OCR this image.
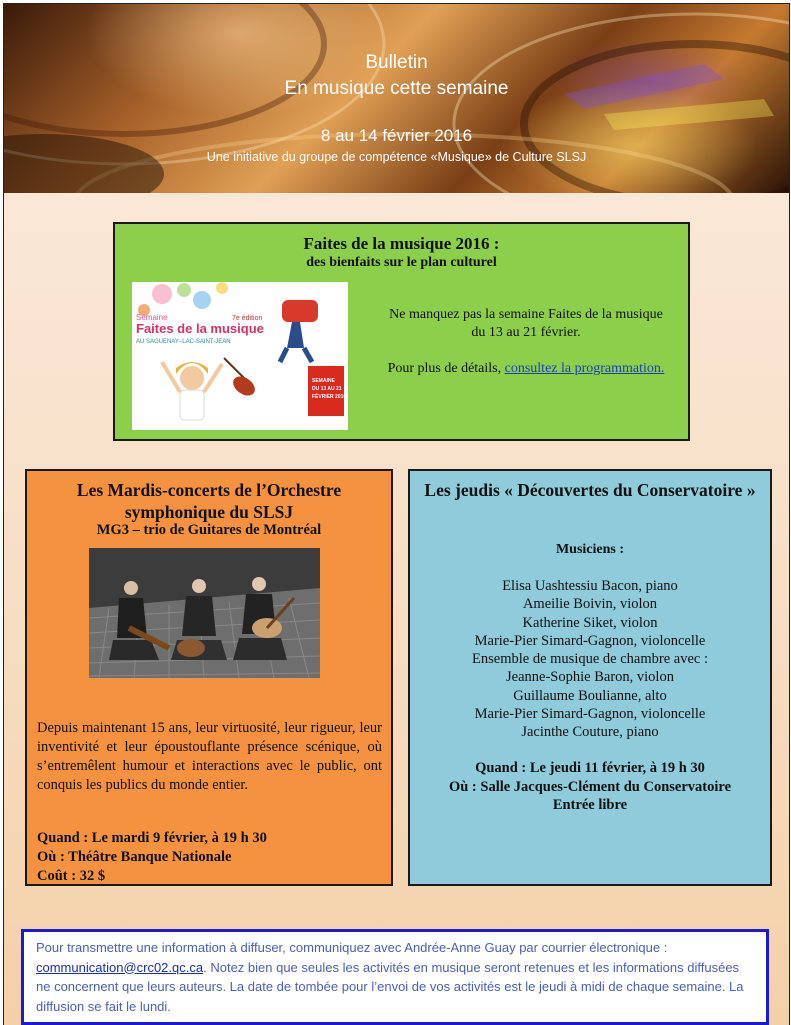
Bulletin
En musique cette semaine
8 au 14 février 2016
Une initiative du groupe de compétence «Musique» de Culture SLSJ
Faites de la musique 2016 :
des bienfaits sur le plan culturel
Semaine	7e édition
Faites de la musique
AU SAGUENAY–LAC-SAINT-JEAN
SEMAINE
DU 13 AU 21
FÉVRIER 2016
Ne manquez pas la semaine Faites de la musique du 13 au 21 février.
Pour plus de détails, consultez la programmation.
Les Mardis-concerts de l’Orchestre symphonique du SLSJ
MG3 – trio de Guitares de Montréal
Depuis maintenant 15 ans, leur virtuosité, leur rigueur, leur inventivité et leur époustouflante présence scénique, où s’entremêlent humour et interactions avec le public, ont conquis les publics du monde entier.
Quand : Le mardi 9 février, à 19 h 30
Où : Théâtre Banque Nationale
Coût : 32 $
Les jeudis « Découvertes du Conservatoire »
Musiciens :
Elisa Uashtessiu Bacon, piano
Ameilie Boivin, violon
Katherine Siket, violon
Marie-Pier Simard-Gagnon, violoncelle
Ensemble de musique de chambre avec :
Jeanne-Sophie Baron, violon
Guillaume Boulianne, alto
Marie-Pier Simard-Gagnon, violoncelle
Jacinthe Couture, piano
Quand : Le jeudi 11 février, à 19 h 30
Où : Salle Jacques-Clément du Conservatoire
Entrée libre
Pour transmettre une information à diffuser, communiquez avec Andrée-Anne Guay par courrier électronique : communication@crc02.qc.ca. Notez bien que seules les activités en musique seront retenues et les informations diffusées ne concernent que leurs auteurs. La date de tombée pour l’envoi de vos activités est le jeudi à midi de chaque semaine. La diffusion se fait le lundi.
